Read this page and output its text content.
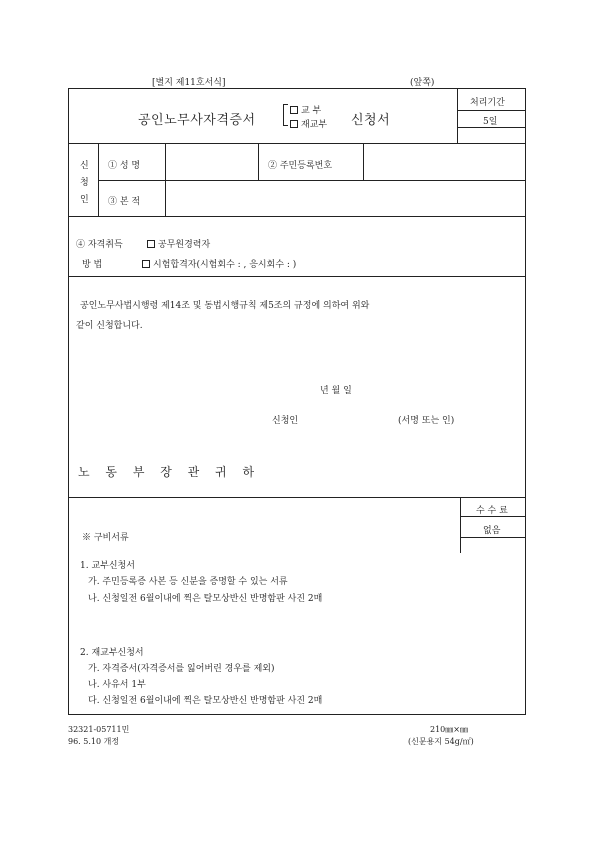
[별지 제11호서식]	(앞쪽)
공인노무사자격증서
교 부
재교부 신청서
처리기간
5일
신
청
인
① 성 명	② 주민등록번호
③ 본 적
④ 자격취득	공무원경력자
방 법	시험합격자(시험회수 : , 응시회수 : )
공인노무사법시행령 제14조 및 동법시행규칙 제5조의 규정에 의하여 위와
같이 신청합니다.
년 월 일
신청인	(서명 또는 인)
노 동 부 장 관 귀 하
수 수 료
없음
※ 구비서류
1. 교부신청서
가. 주민등록증 사본 등 신분을 증명할 수 있는 서류
나. 신청일전 6월이내에 찍은 탈모상반신 반명함판 사진 2매
2. 재교부신청서
가. 자격증서(자격증서를 잃어버린 경우를 제외)
나. 사유서 1부
다. 신청일전 6월이내에 찍은 탈모상반신 반명함판 사진 2매
32321-05711민
96. 5.10 개정
210㎜×㎜
(신문용지 54g/㎡)
